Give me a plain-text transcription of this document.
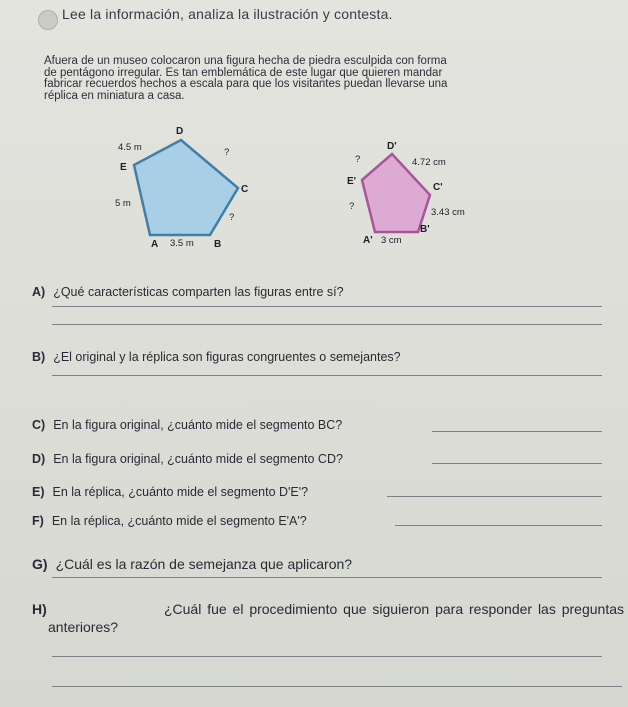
Lee la información, analiza la ilustración y contesta.
Afuera de un museo colocaron una figura hecha de piedra esculpida con forma
de pentágono irregular. Es tan emblemática de este lugar que quieren mandar
fabricar recuerdos hechos a escala para que los visitantes puedan llevarse una
réplica en miniatura a casa.
D
E
C
A	B
4.5 m	?
5 m
?
3.5 m
D'
E'
C'
A'
B'
?	4.72 cm
?
3.43 cm
3 cm
A) ¿Qué características comparten las figuras entre sí?
B) ¿El original y la réplica son figuras congruentes o semejantes?
C) En la figura original, ¿cuánto mide el segmento BC?
D) En la figura original, ¿cuánto mide el segmento CD?
E) En la réplica, ¿cuánto mide el segmento D'E'?
F) En la réplica, ¿cuánto mide el segmento E'A'?
G) ¿Cuál es la razón de semejanza que aplicaron?
H)	¿Cuál fue el procedimiento que siguieron para responder las preguntas
anteriores?
